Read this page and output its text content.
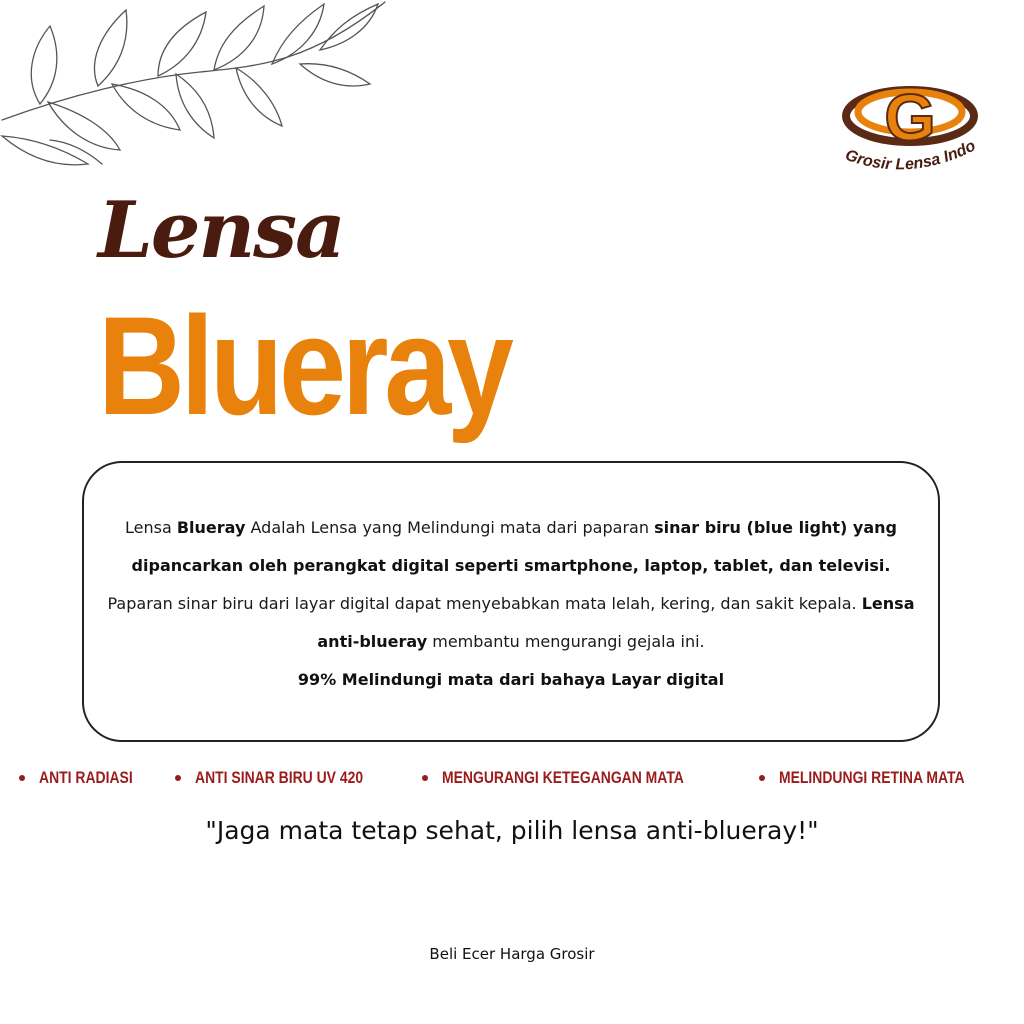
G
Grosir Lensa Indo
Lensa
Blueray

Lensa Blueray Adalah Lensa yang Melindungi mata dari paparan sinar biru (blue light) yang dipancarkan oleh perangkat digital seperti smartphone, laptop, tablet, dan televisi. Paparan sinar biru dari layar digital dapat menyebabkan mata lelah, kering, dan sakit kepala. Lensa anti-blueray membantu mengurangi gejala ini.
99% Melindungi mata dari bahaya Layar digital

ANTI RADIASI	ANTI SINAR BIRU UV 420	MENGURANGI KETEGANGAN MATA	MELINDUNGI RETINA MATA
"Jaga mata tetap sehat, pilih lensa anti-blueray!"
Beli Ecer Harga Grosir
